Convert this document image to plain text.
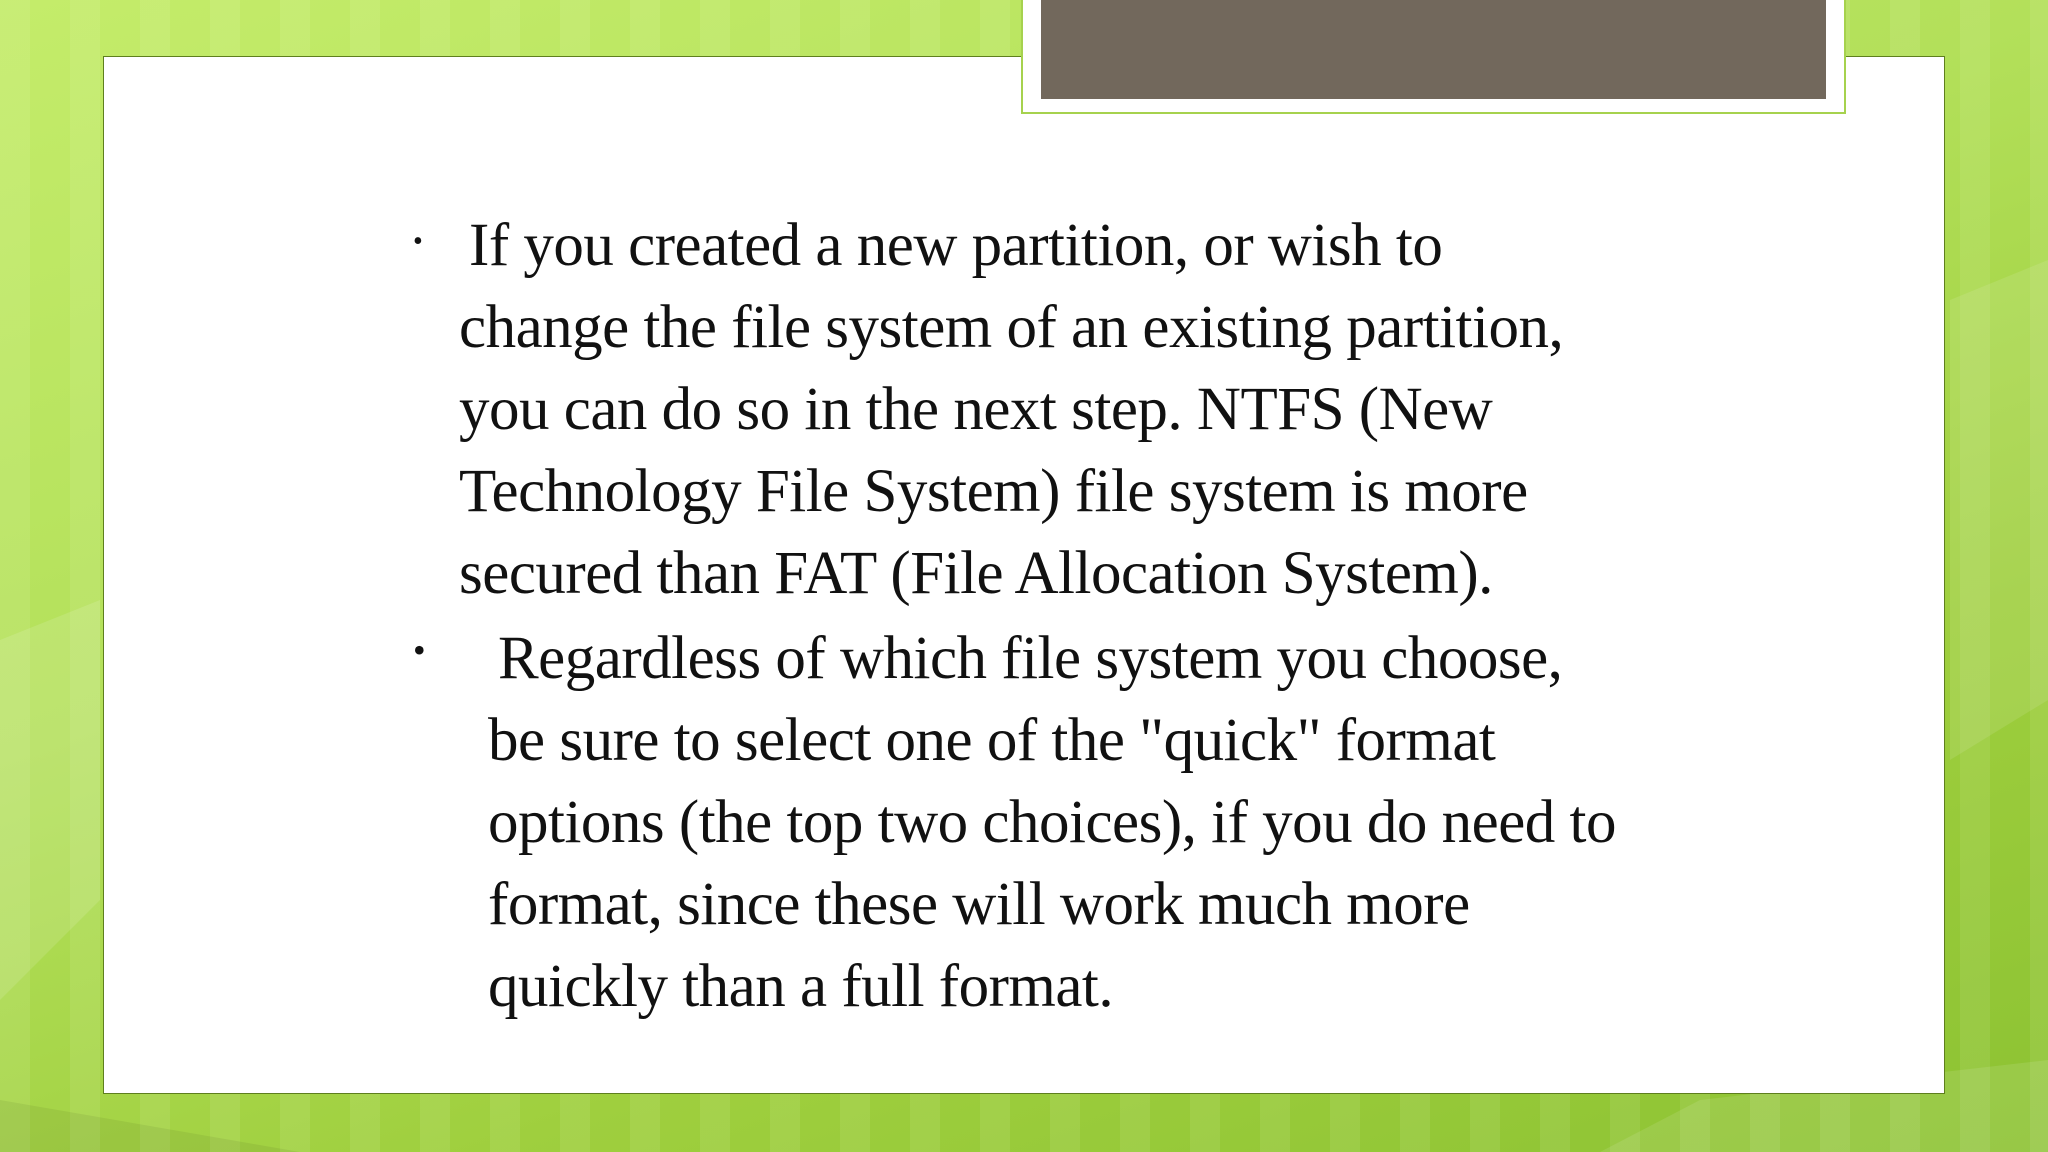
• If you created a new partition, or wish to change the file system of an existing partition, you can do so in the next step. NTFS (New Technology File System) file system is more secured than FAT (File Allocation System).

• Regardless of which file system you choose, be sure to select one of the "quick" format options (the top two choices), if you do need to format, since these will work much more quickly than a full format.
